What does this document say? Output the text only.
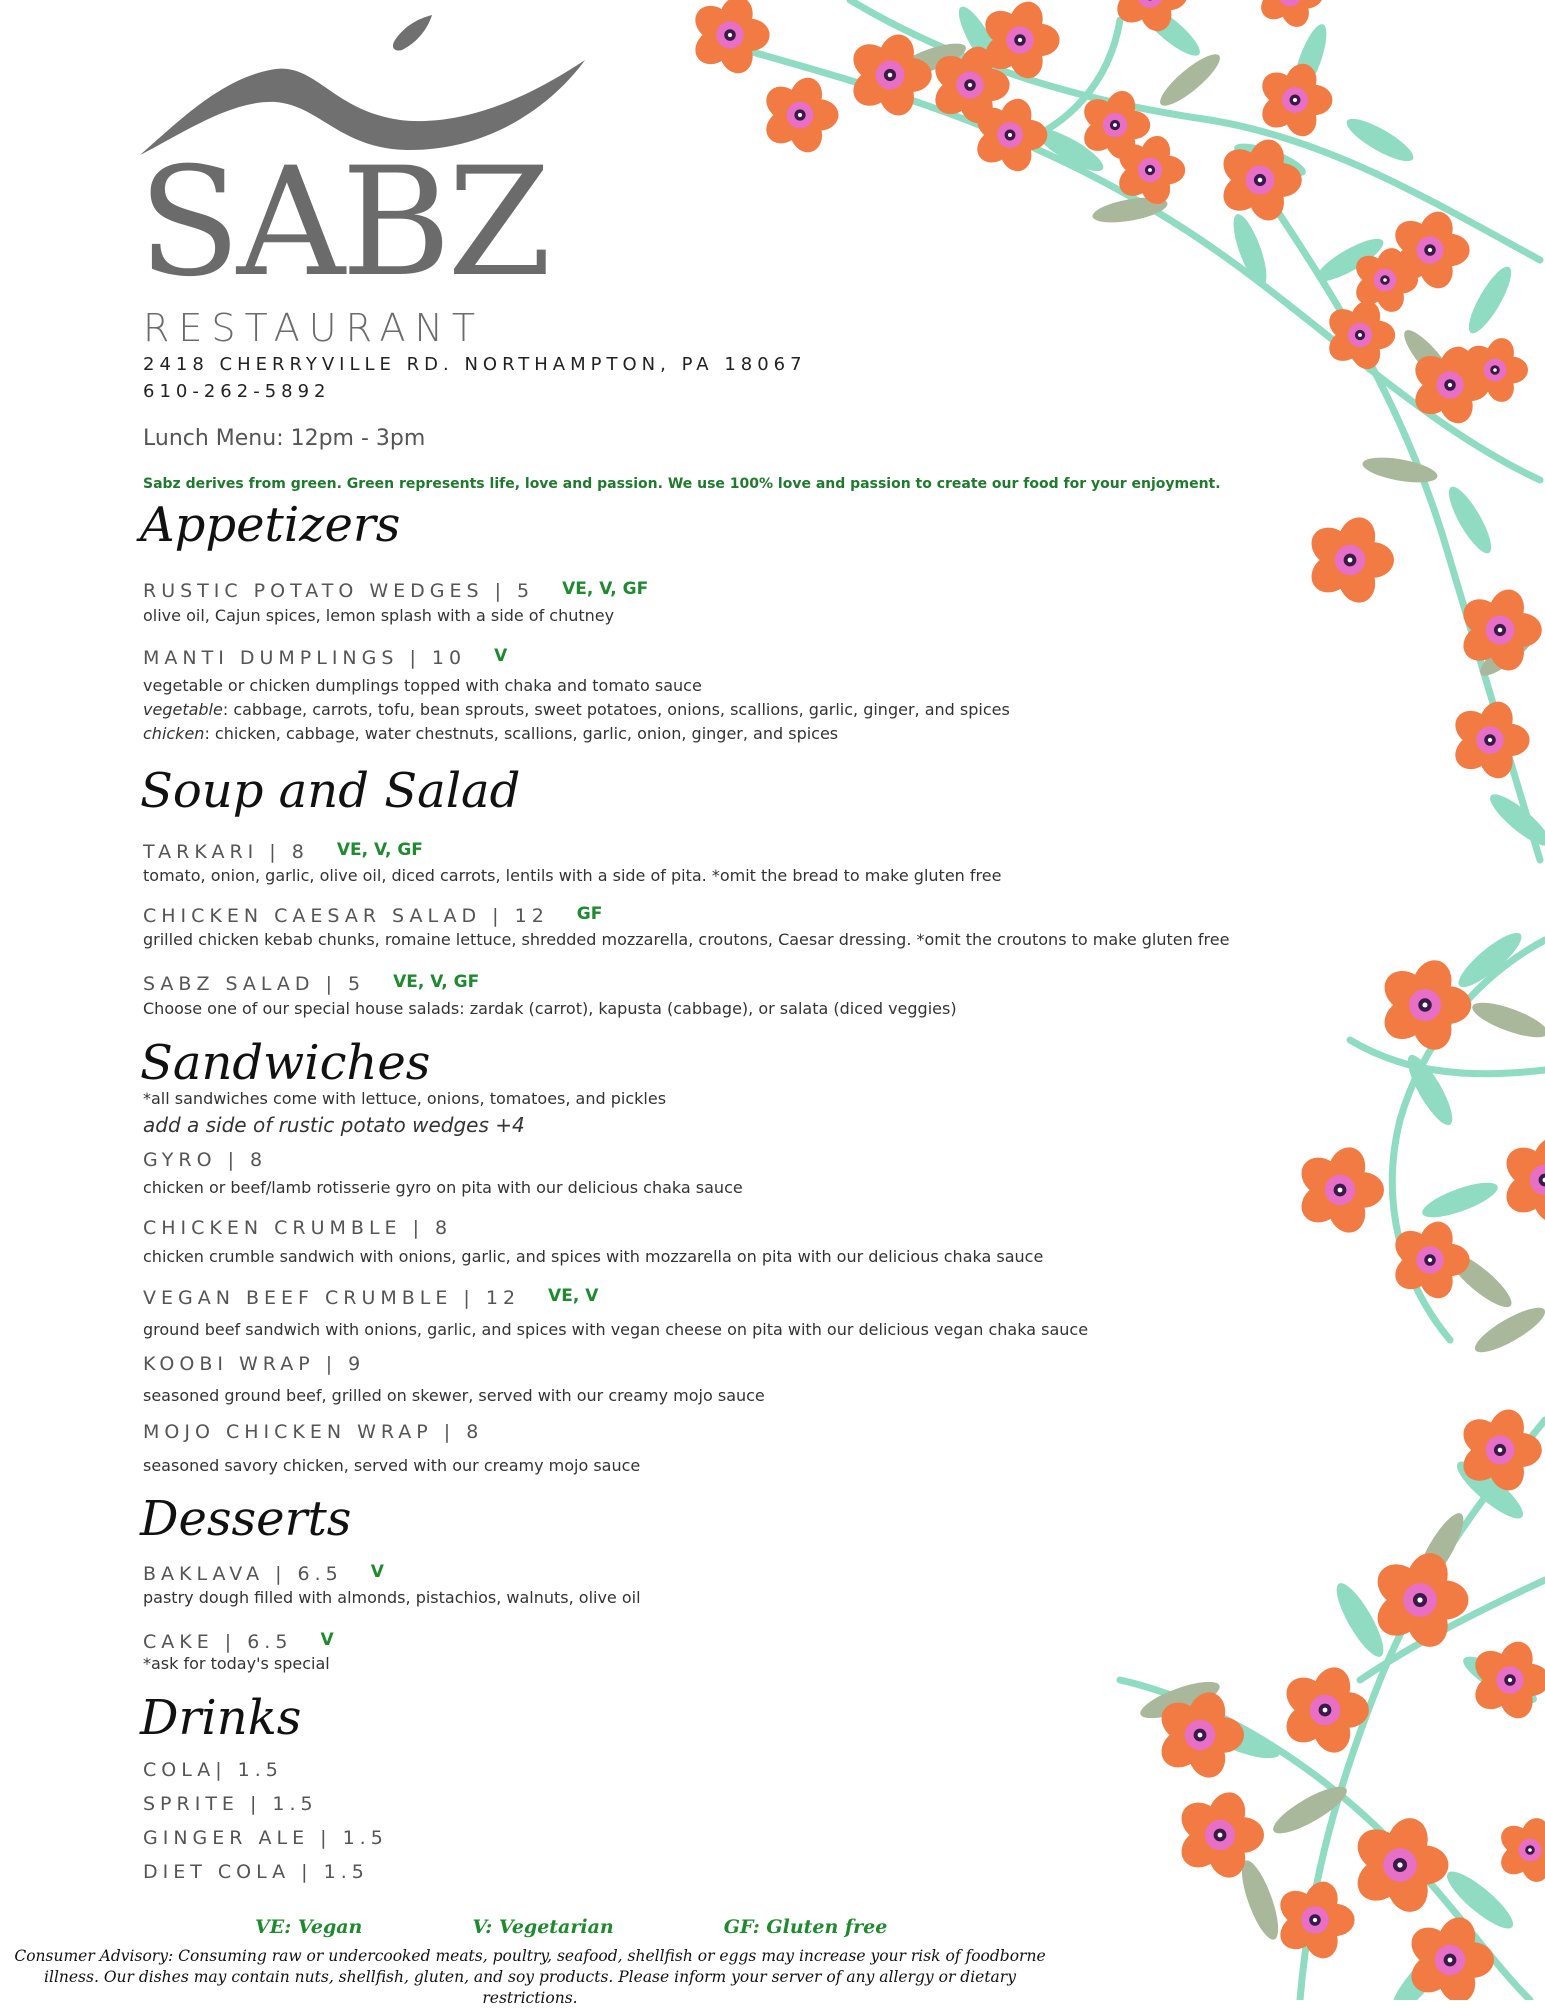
SABZ
RESTAURANT
2418 CHERRYVILLE RD. NORTHAMPTON, PA 18067
610-262-5892
Lunch Menu: 12pm - 3pm
Sabz derives from green. Green represents life, love and passion. We use 100% love and passion to create our food for your enjoyment.
Appetizers
RUSTIC POTATO WEDGES | 5 VE, V, GF
olive oil, Cajun spices, lemon splash with a side of chutney
MANTI DUMPLINGS | 10 V
vegetable or chicken dumplings topped with chaka and tomato sauce
vegetable: cabbage, carrots, tofu, bean sprouts, sweet potatoes, onions, scallions, garlic, ginger, and spices
chicken: chicken, cabbage, water chestnuts, scallions, garlic, onion, ginger, and spices
Soup and Salad
TARKARI | 8 VE, V, GF
tomato, onion, garlic, olive oil, diced carrots, lentils with a side of pita. *omit the bread to make gluten free
CHICKEN CAESAR SALAD | 12 GF
grilled chicken kebab chunks, romaine lettuce, shredded mozzarella, croutons, Caesar dressing. *omit the croutons to make gluten free
SABZ SALAD | 5 VE, V, GF
Choose one of our special house salads: zardak (carrot), kapusta (cabbage), or salata (diced veggies)
Sandwiches
*all sandwiches come with lettuce, onions, tomatoes, and pickles
add a side of rustic potato wedges +4
GYRO | 8
chicken or beef/lamb rotisserie gyro on pita with our delicious chaka sauce
CHICKEN CRUMBLE | 8
chicken crumble sandwich with onions, garlic, and spices with mozzarella on pita with our delicious chaka sauce
VEGAN BEEF CRUMBLE | 12 VE, V
ground beef sandwich with onions, garlic, and spices with vegan cheese on pita with our delicious vegan chaka sauce
KOOBI WRAP | 9
seasoned ground beef, grilled on skewer, served with our creamy mojo sauce
MOJO CHICKEN WRAP | 8
seasoned savory chicken, served with our creamy mojo sauce
Desserts
BAKLAVA | 6.5 V
pastry dough filled with almonds, pistachios, walnuts, olive oil
CAKE | 6.5 V
*ask for today's special
Drinks
COLA| 1.5
SPRITE | 1.5
GINGER ALE | 1.5
DIET COLA | 1.5
VE: Vegan	V: Vegetarian	GF: Gluten free
Consumer Advisory: Consuming raw or undercooked meats, poultry, seafood, shellfish or eggs may increase your risk of foodborne illness. Our dishes may contain nuts, shellfish, gluten, and soy products. Please inform your server of any allergy or dietary restrictions.
